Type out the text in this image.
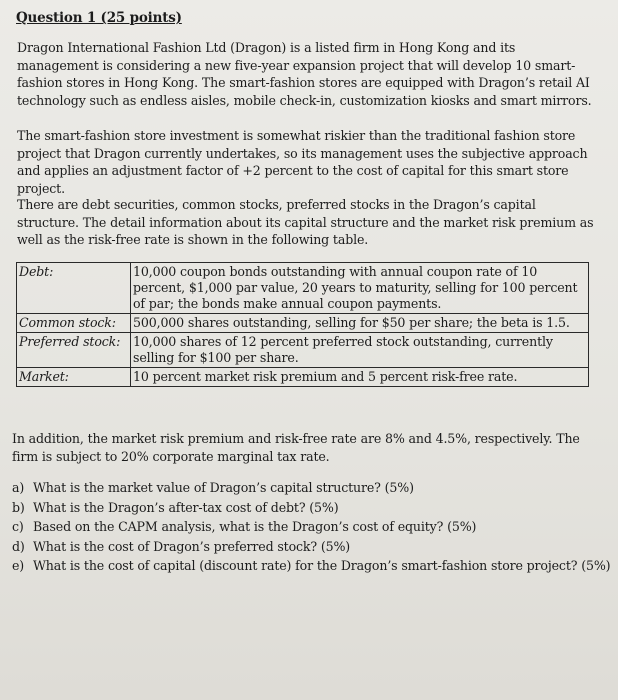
Question 1 (25 points)
Dragon International Fashion Ltd (Dragon) is a listed firm in Hong Kong and its management is considering a new five-year expansion project that will develop 10 smart-fashion stores in Hong Kong. The smart-fashion stores are equipped with Dragon’s retail AI technology such as endless aisles, mobile check-in, customization kiosks and smart mirrors.
The smart-fashion store investment is somewhat riskier than the traditional fashion store project that Dragon currently undertakes, so its management uses the subjective approach and applies an adjustment factor of +2 percent to the cost of capital for this smart store project.
There are debt securities, common stocks, preferred stocks in the Dragon’s capital structure. The detail information about its capital structure and the market risk premium as well as the risk-free rate is shown in the following table.
Debt:	10,000 coupon bonds outstanding with annual coupon rate of 10 percent, $1,000 par value, 20 years to maturity, selling for 100 percent of par; the bonds make annual coupon payments.
Common stock:	500,000 shares outstanding, selling for $50 per share; the beta is 1.5.
Preferred stock:	10,000 shares of 12 percent preferred stock outstanding, currently selling for $100 per share.
Market:	10 percent market risk premium and 5 percent risk-free rate.
In addition, the market risk premium and risk-free rate are 8% and 4.5%, respectively. The firm is subject to 20% corporate marginal tax rate.
a) What is the market value of Dragon’s capital structure? (5%)
b) What is the Dragon’s after-tax cost of debt? (5%)
c) Based on the CAPM analysis, what is the Dragon’s cost of equity? (5%)
d) What is the cost of Dragon’s preferred stock? (5%)
e) What is the cost of capital (discount rate) for the Dragon’s smart-fashion store project? (5%)
